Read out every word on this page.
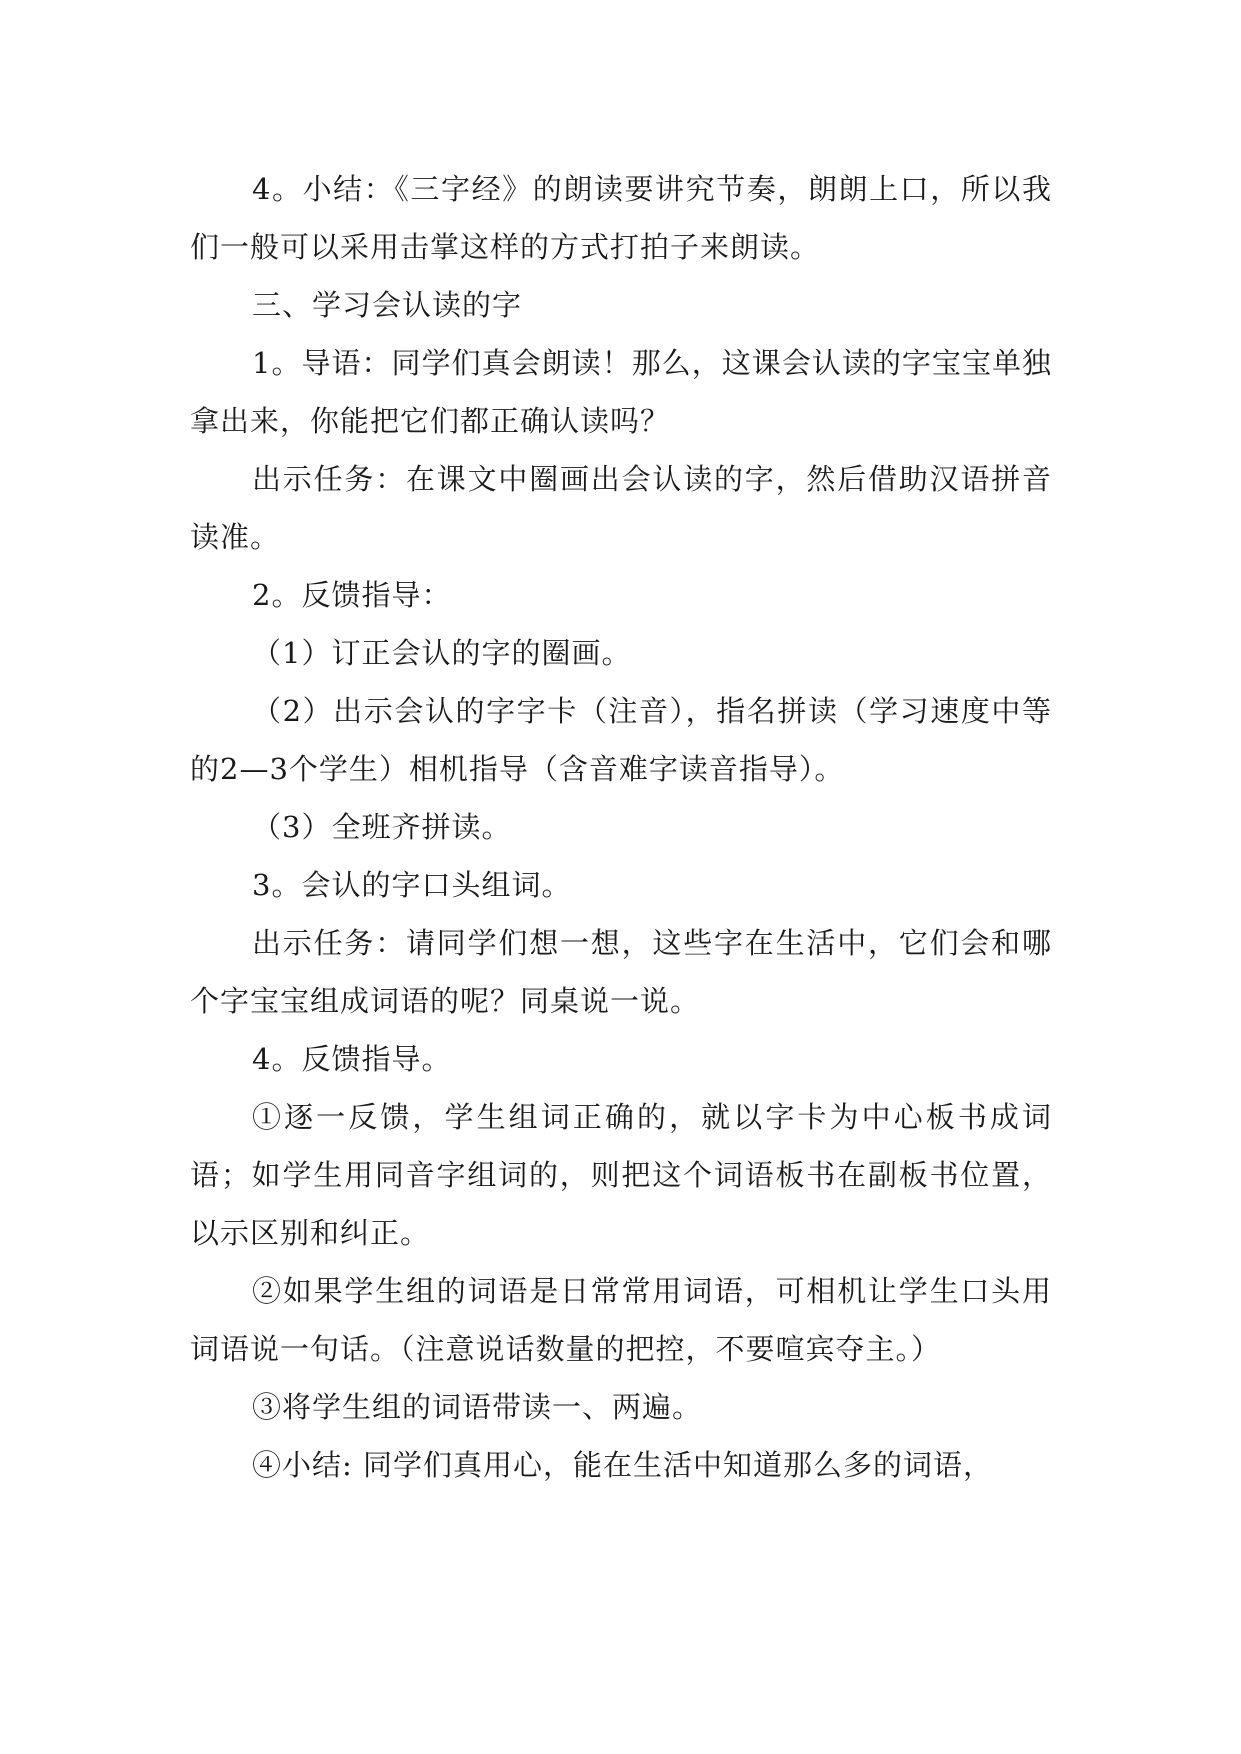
4。小结：《三字经》的朗读要讲究节奏，朗朗上口，所以我们一般可以采用击掌这样的方式打拍子来朗读。

三、学习会认读的字

1。导语：同学们真会朗读！那么，这课会认读的字宝宝单独拿出来，你能把它们都正确认读吗？

出示任务：在课文中圈画出会认读的字，然后借助汉语拼音读准。

2。反馈指导：

（1）订正会认的字的圈画。

（2）出示会认的字字卡（注音），指名拼读（学习速度中等的2—3个学生）相机指导（含音难字读音指导）。

（3）全班齐拼读。

3。会认的字口头组词。

出示任务：请同学们想一想，这些字在生活中，它们会和哪个字宝宝组成词语的呢？同桌说一说。

4。反馈指导。

①逐一反馈，学生组词正确的，就以字卡为中心板书成词语；如学生用同音字组词的，则把这个词语板书在副板书位置，以示区别和纠正。

②如果学生组的词语是日常常用词语，可相机让学生口头用词语说一句话。（注意说话数量的把控，不要喧宾夺主。）

③将学生组的词语带读一、两遍。

④小结: 同学们真用心，能在生活中知道那么多的词语，
